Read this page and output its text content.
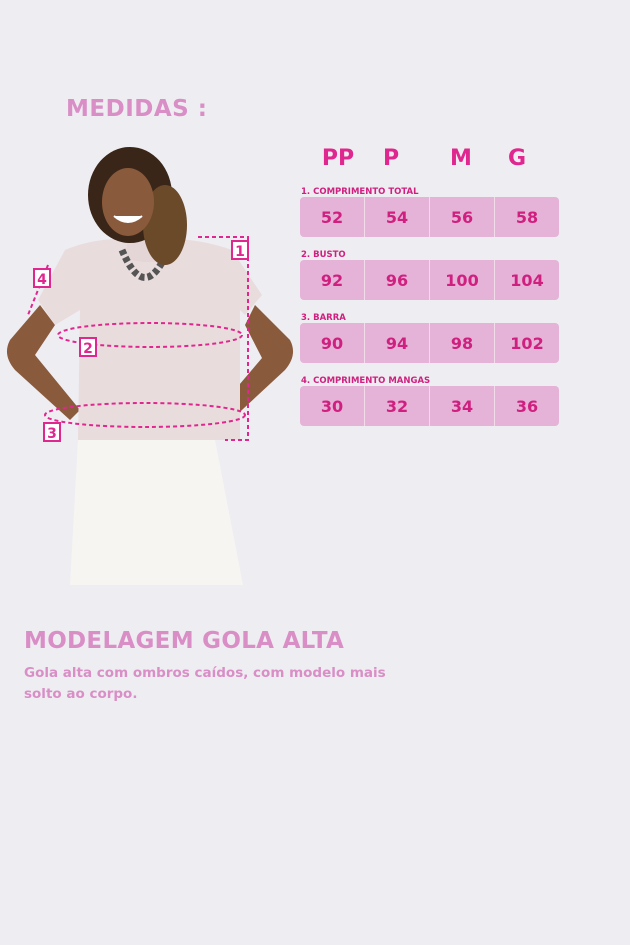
MEDIDAS :
1
2
3
4
PP	P	M	G
1. COMPRIMENTO TOTAL
52	54	56	58
2. BUSTO
92	96	100	104
3. BARRA
90	94	98	102
4. COMPRIMENTO MANGAS
30	32	34	36
MODELAGEM GOLA ALTA
Gola alta com ombros caídos, com modelo mais solto ao corpo.
